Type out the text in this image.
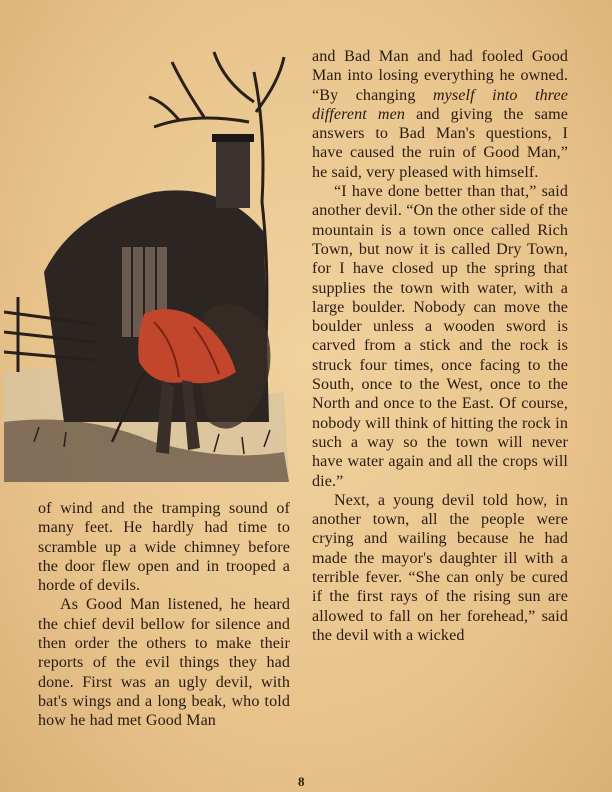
of wind and the tramping sound of many feet. He hardly had time to scramble up a wide chimney before the door flew open and in trooped a horde of devils.

As Good Man listened, he heard the chief devil bellow for silence and then order the others to make their reports of the evil things they had done. First was an ugly devil, with bat's wings and a long beak, who told how he had met Good Man

and Bad Man and had fooled Good Man into losing everything he owned. “By changing myself into three different men and giving the same answers to Bad Man's questions, I have caused the ruin of Good Man,” he said, very pleased with himself.

“I have done better than that,” said another devil. “On the other side of the mountain is a town once called Rich Town, but now it is called Dry Town, for I have closed up the spring that supplies the town with water, with a large boulder. Nobody can move the boulder unless a wooden sword is carved from a stick and the rock is struck four times, once facing to the South, once to the West, once to the North and once to the East. Of course, nobody will think of hitting the rock in such a way so the town will never have water again and all the crops will die.”

Next, a young devil told how, in another town, all the people were crying and wailing because he had made the mayor's daughter ill with a terrible fever. “She can only be cured if the first rays of the rising sun are allowed to fall on her forehead,” said the devil with a wicked

8
